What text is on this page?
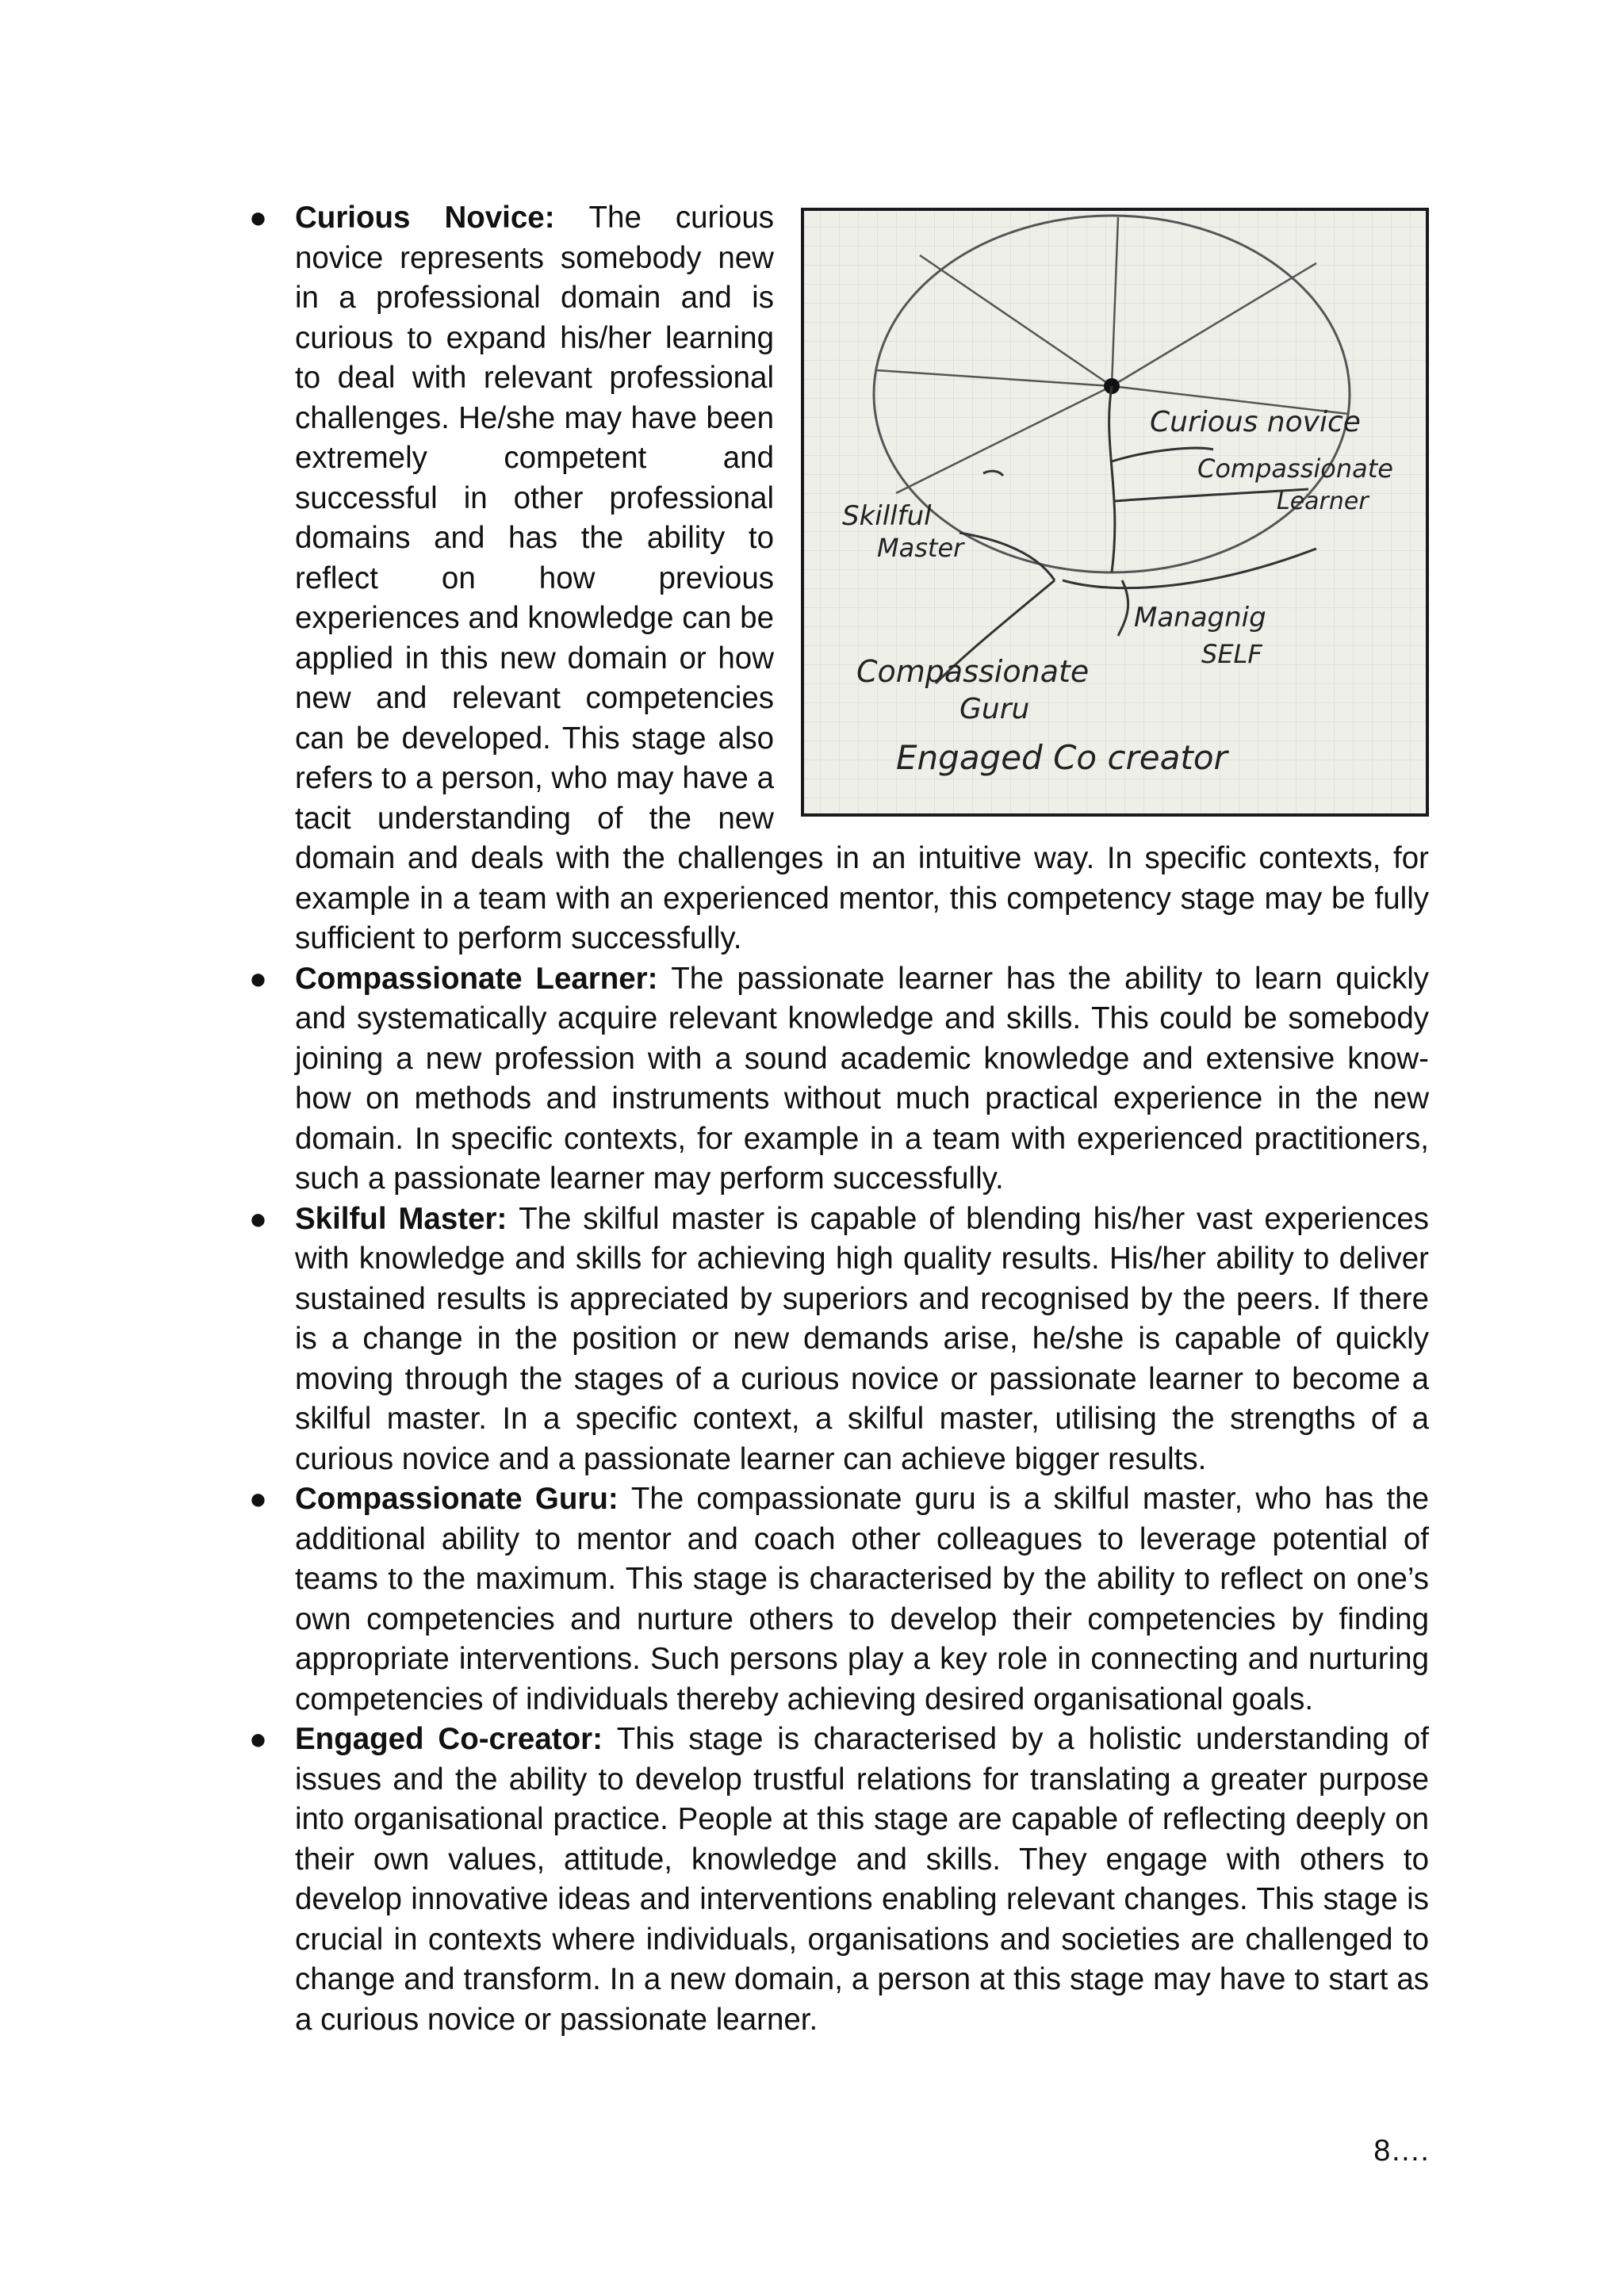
●
Curious novice
Compassionate
Learner
Skillful
Master
Managnig
SELF
Compassionate
Guru
Engaged Co creator
Curious Novice: The curious novice represents somebody new in a professional domain and is curious to expand his/her learning to deal with relevant professional challenges. He/she may have been extremely competent and successful in other professional domains and has the ability to reflect on how previous experiences and knowledge can be applied in this new domain or how new and relevant competencies can be developed. This stage also refers to a person, who may have a tacit understanding of the new domain and deals with the challenges in an intuitive way. In specific contexts, for example in a team with an experienced mentor, this competency stage may be fully sufficient to perform successfully.
● Compassionate Learner: The passionate learner has the ability to learn quickly and systematically acquire relevant knowledge and skills. This could be somebody joining a new profession with a sound academic knowledge and extensive know-how on methods and instruments without much practical experience in the new domain. In specific contexts, for example in a team with experienced practitioners, such a passionate learner may perform successfully.
● Skilful Master: The skilful master is capable of blending his/her vast experiences with knowledge and skills for achieving high quality results. His/her ability to deliver sustained results is appreciated by superiors and recognised by the peers. If there is a change in the position or new demands arise, he/she is capable of quickly moving through the stages of a curious novice or passionate learner to become a skilful master. In a specific context, a skilful master, utilising the strengths of a curious novice and a passionate learner can achieve bigger results.
● Compassionate Guru: The compassionate guru is a skilful master, who has the additional ability to mentor and coach other colleagues to leverage potential of teams to the maximum. This stage is characterised by the ability to reflect on one’s own competencies and nurture others to develop their competencies by finding appropriate interventions. Such persons play a key role in connecting and nurturing competencies of individuals thereby achieving desired organisational goals.
● Engaged Co-creator: This stage is characterised by a holistic understanding of issues and the ability to develop trustful relations for translating a greater purpose into organisational practice. People at this stage are capable of reflecting deeply on their own values, attitude, knowledge and skills. They engage with others to develop innovative ideas and interventions enabling relevant changes. This stage is crucial in contexts where individuals, organisations and societies are challenged to change and transform. In a new domain, a person at this stage may have to start as a curious novice or passionate learner.
8….
